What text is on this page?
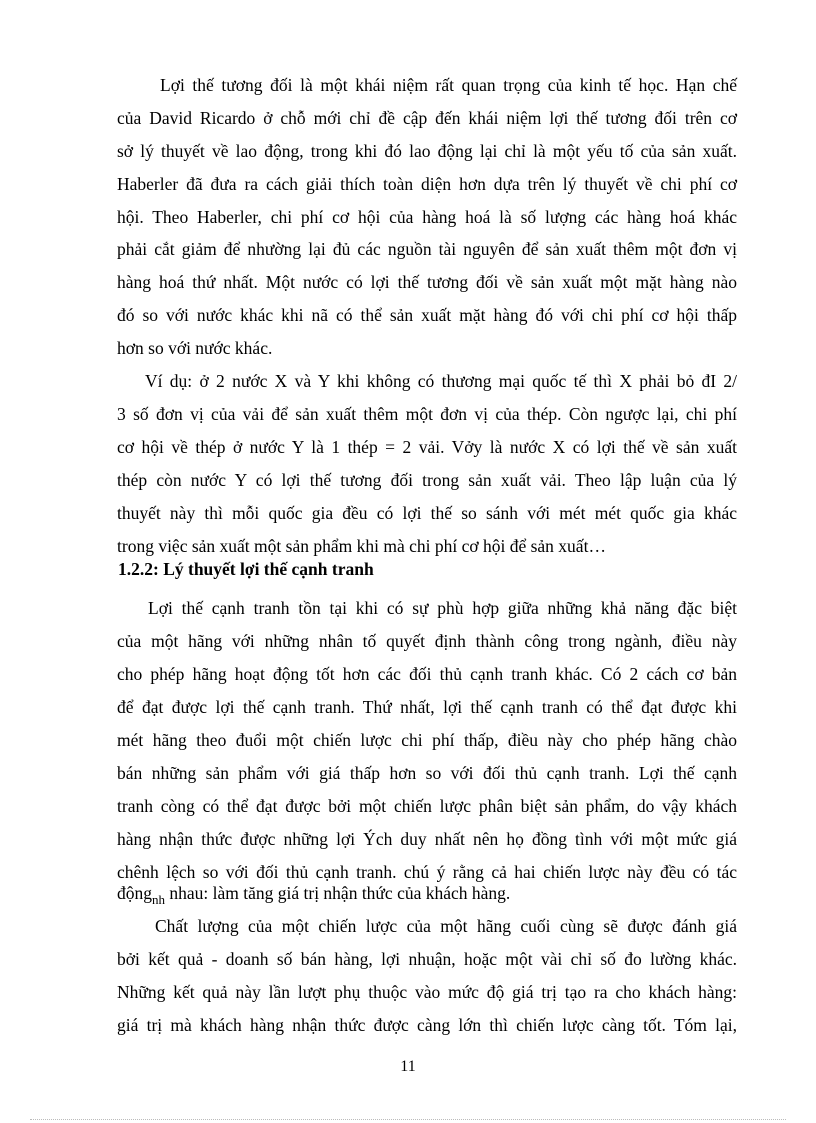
Lợi thế tương đối là một khái niệm rất quan trọng của kinh tế học. Hạn chế
của David Ricardo ở chỗ mới chỉ đề cập đến khái niệm lợi thế tương đối trên cơ
sở lý thuyết về lao động, trong khi đó lao động lại chỉ là một yếu tố của sản xuất.
Haberler đã đưa ra cách giải thích toàn diện hơn dựa trên lý thuyết về chi phí cơ
hội. Theo Haberler, chi phí cơ hội của hàng hoá là số lượng các hàng hoá khác
phải cắt giảm để nhường lại đủ các nguồn tài nguyên để sản xuất thêm một đơn vị
hàng hoá thứ nhất. Một nước có lợi thế tương đối về sản xuất một mặt hàng nào
đó so với nước khác khi nã có thể sản xuất mặt hàng đó với chi phí cơ hội thấp
hơn so với nước khác.
Ví dụ: ở 2 nước X và Y khi không có thương mại quốc tế thì X phải bỏ đI 2/
3 số đơn vị của vải để sản xuất thêm một đơn vị của thép. Còn ngược lại, chi phí
cơ hội về thép ở nước Y là 1 thép = 2 vải. Vởy là nước X có lợi thế về sản xuất
thép còn nước Y có lợi thế tương đối trong sản xuất vải. Theo lập luận của lý
thuyết này thì mỗi quốc gia đều có lợi thế so sánh với mét mét quốc gia khác
trong việc sản xuất một sản phẩm khi mà chi phí cơ hội để sản xuất…
1.2.2: Lý thuyết lợi thế cạnh tranh
Lợi thế cạnh tranh tồn tại khi có sự phù hợp giữa những khả năng đặc biệt
của một hãng với những nhân tố quyết định thành công trong ngành, điều này
cho phép hãng hoạt động tốt hơn các đối thủ cạnh tranh khác. Có 2 cách cơ bản
để đạt được lợi thế cạnh tranh. Thứ nhất, lợi thế cạnh tranh có thể đạt được khi
mét hãng theo đuổi một chiến lược chi phí thấp, điều này cho phép hãng chào
bán những sản phẩm với giá thấp hơn so với đối thủ cạnh tranh. Lợi thế cạnh
tranh còng có thể đạt được bởi một chiến lược phân biệt sản phẩm, do vậy khách
hàng nhận thức được những lợi Ých duy nhất nên họ đồng tình với một mức giá
chênh lệch so với đối thủ cạnh tranh. chú ý rằng cả hai chiến lược này đều có tác
động$_{nh}$ nhau: làm tăng giá trị nhận thức của khách hàng.
Chất lượng của một chiến lược của một hãng cuối cùng sẽ được đánh giá
bởi kết quả - doanh số bán hàng, lợi nhuận, hoặc một vài chỉ số đo lường khác.
Những kết quả này lần lượt phụ thuộc vào mức độ giá trị tạo ra cho khách hàng:
giá trị mà khách hàng nhận thức được càng lớn thì chiến lược càng tốt. Tóm lại,
11
